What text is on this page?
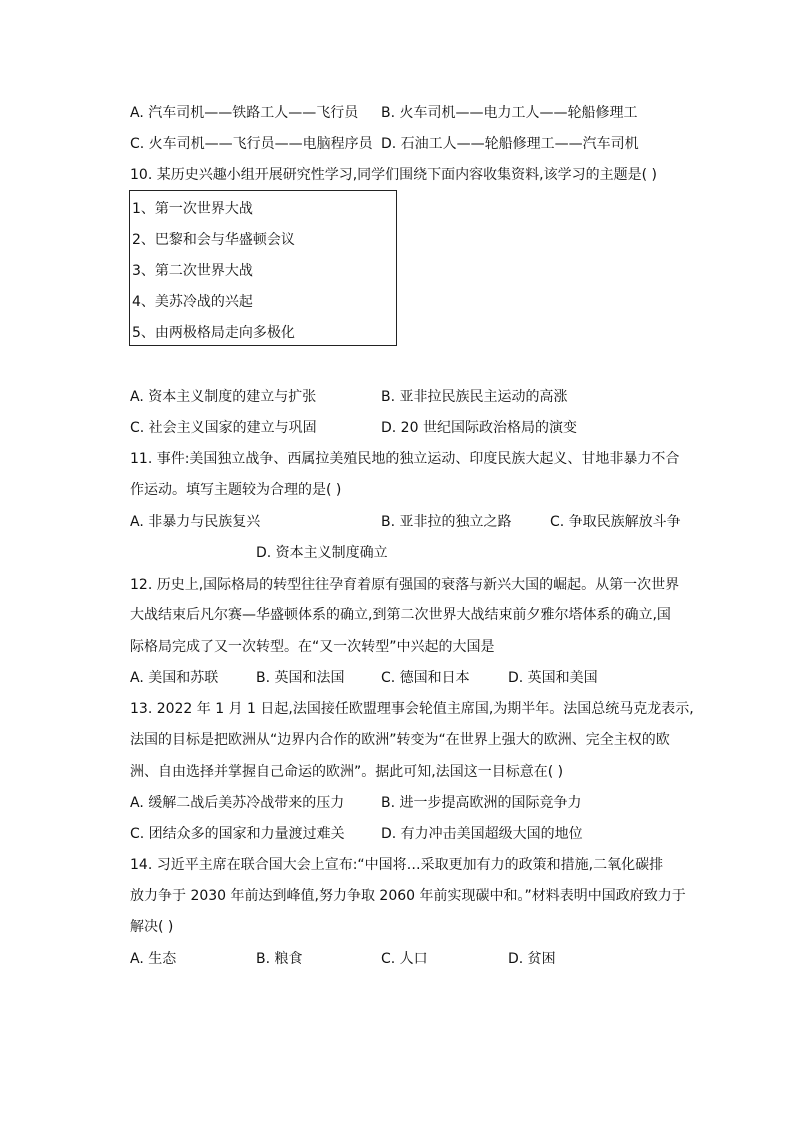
A. 汽车司机——铁路工人——飞行员 B. 火车司机——电力工人——轮船修理工
C. 火车司机——飞行员——电脑程序员 D. 石油工人——轮船修理工——汽车司机
10. 某历史兴趣小组开展研究性学习,同学们围绕下面内容收集资料,该学习的主题是( )
1、第一次世界大战
2、巴黎和会与华盛顿会议
3、第二次世界大战
4、美苏冷战的兴起
5、由两极格局走向多极化
A. 资本主义制度的建立与扩张	B. 亚非拉民族民主运动的高涨
C. 社会主义国家的建立与巩固	D. 20 世纪国际政治格局的演变
11. 事件:美国独立战争、西属拉美殖民地的独立运动、印度民族大起义、甘地非暴力不合
作运动。填写主题较为合理的是( )
A. 非暴力与民族复兴	B. 亚非拉的独立之路	C. 争取民族解放斗争
D. 资本主义制度确立
12. 历史上,国际格局的转型往往孕育着原有强国的衰落与新兴大国的崛起。从第一次世界
大战结束后凡尔赛—华盛顿体系的确立,到第二次世界大战结束前夕雅尔塔体系的确立,国
际格局完成了又一次转型。在“又一次转型”中兴起的大国是
A. 美国和苏联	B. 英国和法国	C. 德国和日本	D. 英国和美国
13. 2022 年 1 月 1 日起,法国接任欧盟理事会轮值主席国,为期半年。法国总统马克龙表示,
法国的目标是把欧洲从“边界内合作的欧洲”转变为“在世界上强大的欧洲、完全主权的欧
洲、自由选择并掌握自己命运的欧洲”。据此可知,法国这一目标意在( )
A. 缓解二战后美苏冷战带来的压力	B. 进一步提高欧洲的国际竞争力
C. 团结众多的国家和力量渡过难关	D. 有力冲击美国超级大国的地位
14. 习近平主席在联合国大会上宣布:“中国将…采取更加有力的政策和措施,二氧化碳排
放力争于 2030 年前达到峰值,努力争取 2060 年前实现碳中和。”材料表明中国政府致力于
解决( )
A. 生态	B. 粮食	C. 人口	D. 贫困
